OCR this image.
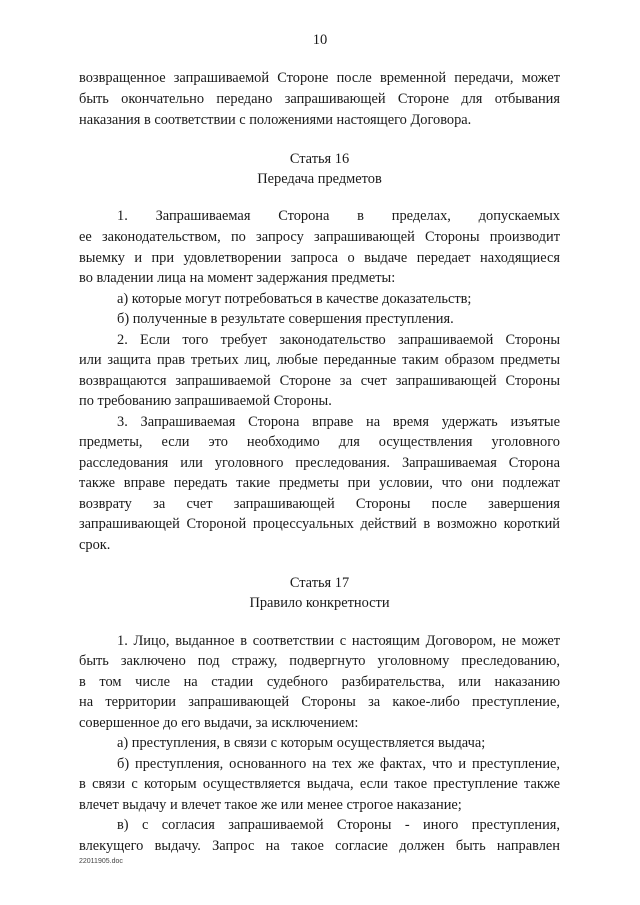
10
возвращенное запрашиваемой Стороне после временной передачи, может
быть окончательно передано запрашивающей Стороне для отбывания
наказания в соответствии с положениями настоящего Договора.
Статья 16
Передача предметов
1. Запрашиваемая Сторона в пределах, допускаемых
ее законодательством, по запросу запрашивающей Стороны производит
выемку и при удовлетворении запроса о выдаче передает находящиеся
во владении лица на момент задержания предметы:
а) которые могут потребоваться в качестве доказательств;
б) полученные в результате совершения преступления.
2. Если того требует законодательство запрашиваемой Стороны
или защита прав третьих лиц, любые переданные таким образом предметы
возвращаются запрашиваемой Стороне за счет запрашивающей Стороны
по требованию запрашиваемой Стороны.
3. Запрашиваемая Сторона вправе на время удержать изъятые
предметы, если это необходимо для осуществления уголовного
расследования или уголовного преследования. Запрашиваемая Сторона
также вправе передать такие предметы при условии, что они подлежат
возврату за счет запрашивающей Стороны после завершения
запрашивающей Стороной процессуальных действий в возможно короткий
срок.
Статья 17
Правило конкретности
1. Лицо, выданное в соответствии с настоящим Договором, не может
быть заключено под стражу, подвергнуто уголовному преследованию,
в том числе на стадии судебного разбирательства, или наказанию
на территории запрашивающей Стороны за какое-либо преступление,
совершенное до его выдачи, за исключением:
а) преступления, в связи с которым осуществляется выдача;
б) преступления, основанного на тех же фактах, что и преступление,
в связи с которым осуществляется выдача, если такое преступление также
влечет выдачу и влечет такое же или менее строгое наказание;
в) с согласия запрашиваемой Стороны - иного преступления,
влекущего выдачу. Запрос на такое согласие должен быть направлен
22011905.doc
